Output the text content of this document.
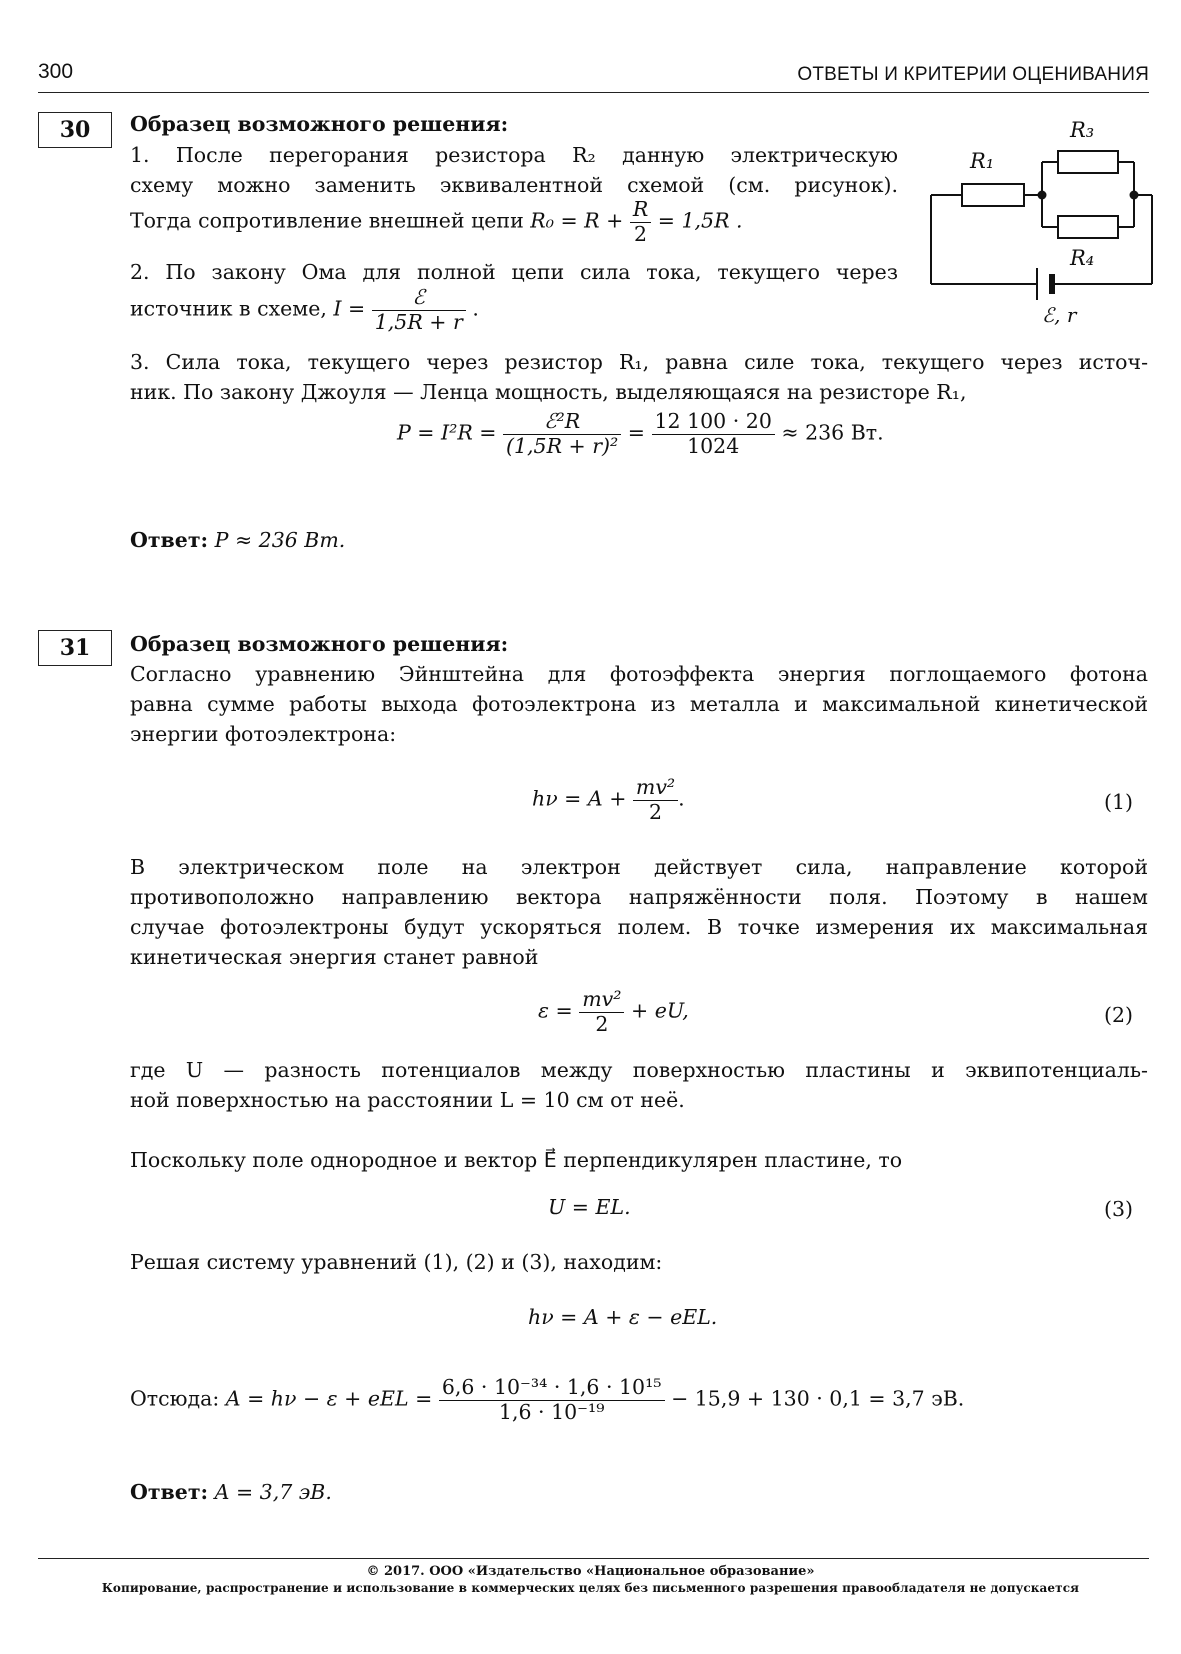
300	ОТВЕТЫ И КРИТЕРИИ ОЦЕНИВАНИЯ
30	Образец возможного решения:
1. После перегорания резистора R₂ данную электрическую
схему можно заменить эквивалентной схемой (см. рисунок).
Тогда сопротивление внешней цепи $R_0 = R + \frac{R}{2} = 1,5R$ .
2. По закону Ома для полной цепи сила тока, текущего через
источник в схеме, $I = \frac{\text{ℰ}}{1,5R + r}$ .
3. Сила тока, текущего через резистор R₁, равна силе тока, текущего через источ-
ник. По закону Джоуля — Ленца мощность, выделяющаяся на резисторе R₁,
$P = I^2R = \frac{\text{ℰ²R}}{\text{(1,5R + r)²}} = \frac{12 100 \cdot 20}{1024} \approx 236$ Вт.
Ответ: P ≈ 236 Вт.
R₁
R₃
R₄
ℰ, r
31	Образец возможного решения:
Согласно уравнению Эйнштейна для фотоэффекта энергия поглощаемого фотона
равна сумме работы выхода фотоэлектрона из металла и максимальной кинетической
энергии фотоэлектрона:
$h\nu = A + \frac{\text{mv²}}{2}$ .	(1)
В электрическом поле на электрон действует сила, направление которой
противоположно направлению вектора напряжённости поля. Поэтому в нашем
случае фотоэлектроны будут ускоряться полем. В точке измерения их максимальная
кинетическая энергия станет равной
$\varepsilon = \frac{\text{mv²}}{2}$ + eU,	(2)
где U — разность потенциалов между поверхностью пластины и эквипотенциаль-
ной поверхностью на расстоянии L = 10 см от неё.
Поскольку поле однородное и вектор E⃗ перпендикулярен пластине, то
U = EL.	(3)
Решая систему уравнений (1), (2) и (3), находим:
hν = A + ε − eEL.
Отсюда: A = hν − ε + eEL = $\frac{\text{6,6 · 10⁻³⁴ · 1,6 · 10¹⁵}}{\text{1,6 · 10⁻¹⁹}} - 15,9 + 130 \cdot 0,1 = 3,7$ эВ.
Ответ: A = 3,7 эВ.
© 2017. ООО «Издательство «Национальное образование»
Копирование, распространение и использование в коммерческих целях без письменного разрешения правообладателя не допускается
